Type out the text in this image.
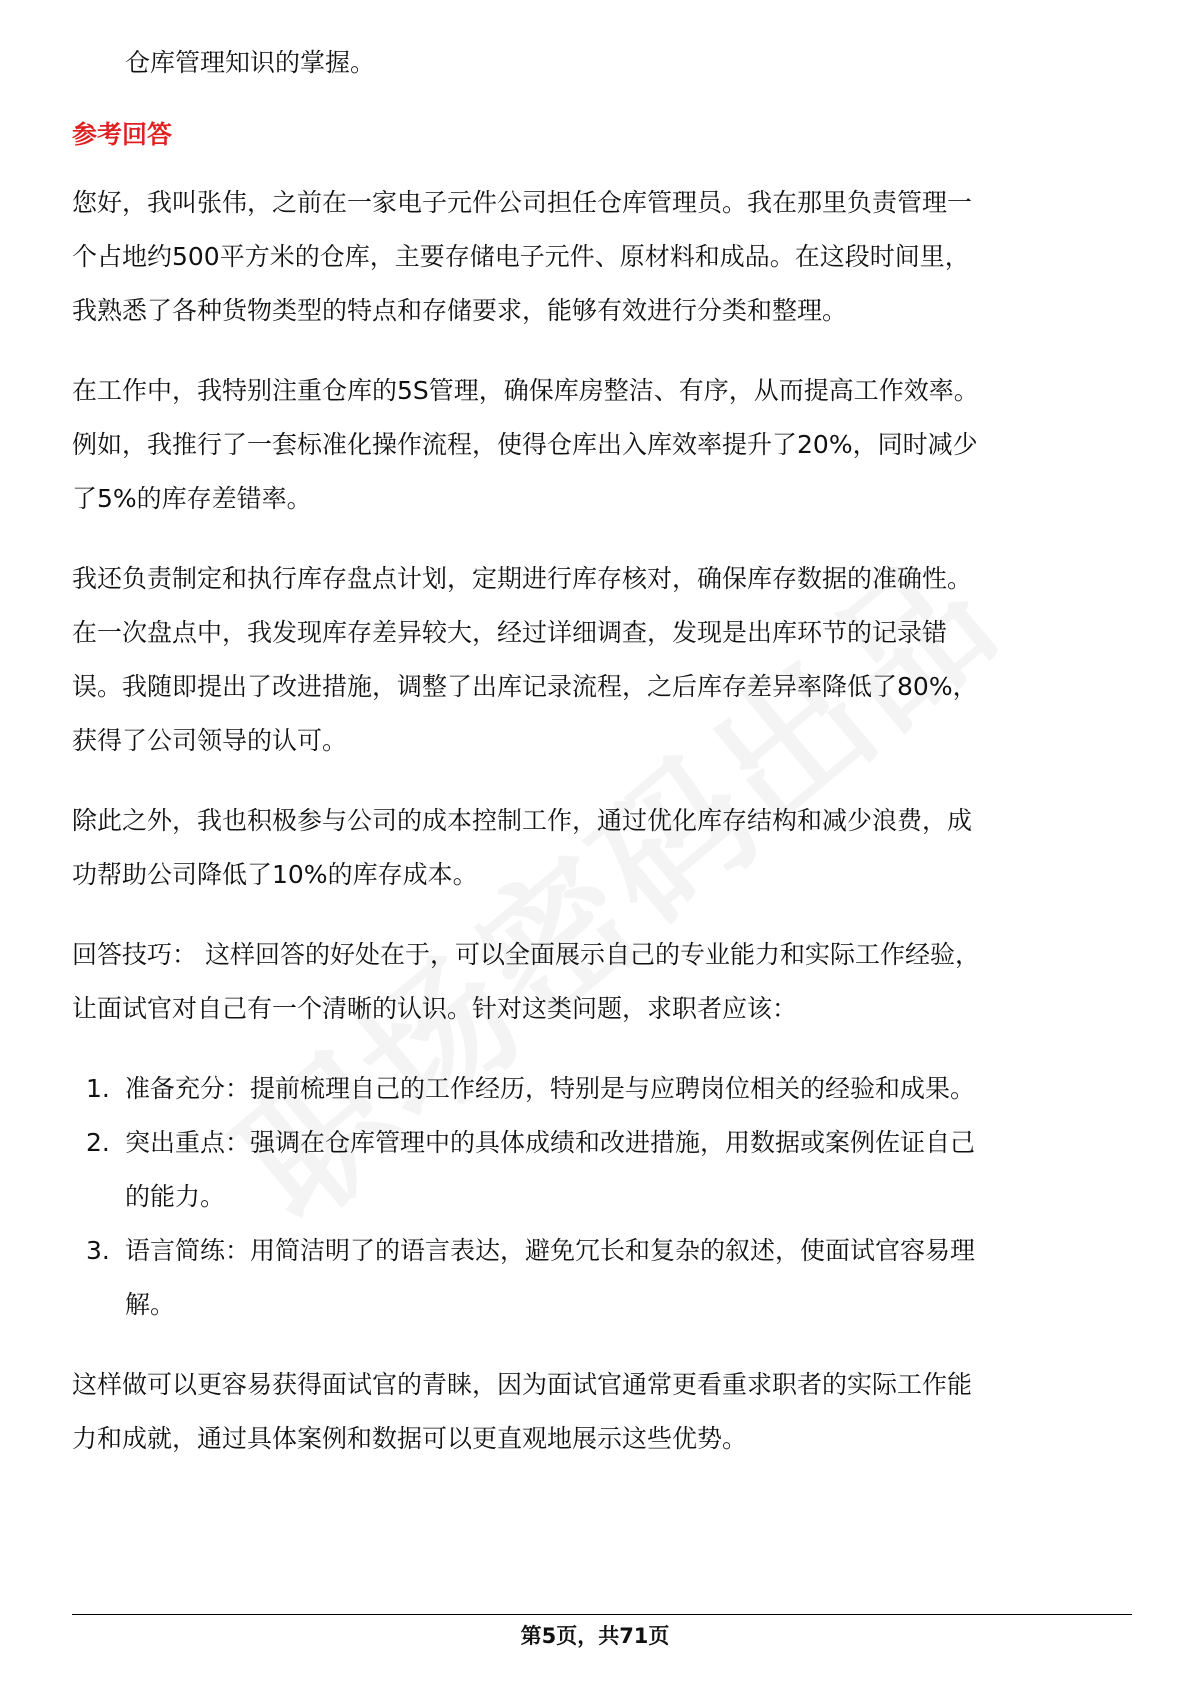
仓库管理知识的掌握。
参考回答
您好，我叫张伟，之前在一家电子元件公司担任仓库管理员。我在那里负责管理一
个占地约500平方米的仓库，主要存储电子元件、原材料和成品。在这段时间里，
我熟悉了各种货物类型的特点和存储要求，能够有效进行分类和整理。
在工作中，我特别注重仓库的5S管理，确保库房整洁、有序，从而提高工作效率。
例如，我推行了一套标准化操作流程，使得仓库出入库效率提升了20%，同时减少
了5%的库存差错率。
我还负责制定和执行库存盘点计划，定期进行库存核对，确保库存数据的准确性。
在一次盘点中，我发现库存差异较大，经过详细调查，发现是出库环节的记录错
误。我随即提出了改进措施，调整了出库记录流程，之后库存差异率降低了80%，
获得了公司领导的认可。
除此之外，我也积极参与公司的成本控制工作，通过优化库存结构和减少浪费，成
功帮助公司降低了10%的库存成本。
回答技巧： 这样回答的好处在于，可以全面展示自己的专业能力和实际工作经验，
让面试官对自己有一个清晰的认识。针对这类问题，求职者应该：
1. 准备充分：提前梳理自己的工作经历，特别是与应聘岗位相关的经验和成果。
2. 突出重点：强调在仓库管理中的具体成绩和改进措施，用数据或案例佐证自己
的能力。
3. 语言简练：用简洁明了的语言表达，避免冗长和复杂的叙述，使面试官容易理
解。
这样做可以更容易获得面试官的青睐，因为面试官通常更看重求职者的实际工作能
力和成就，通过具体案例和数据可以更直观地展示这些优势。
第5页，共71页
